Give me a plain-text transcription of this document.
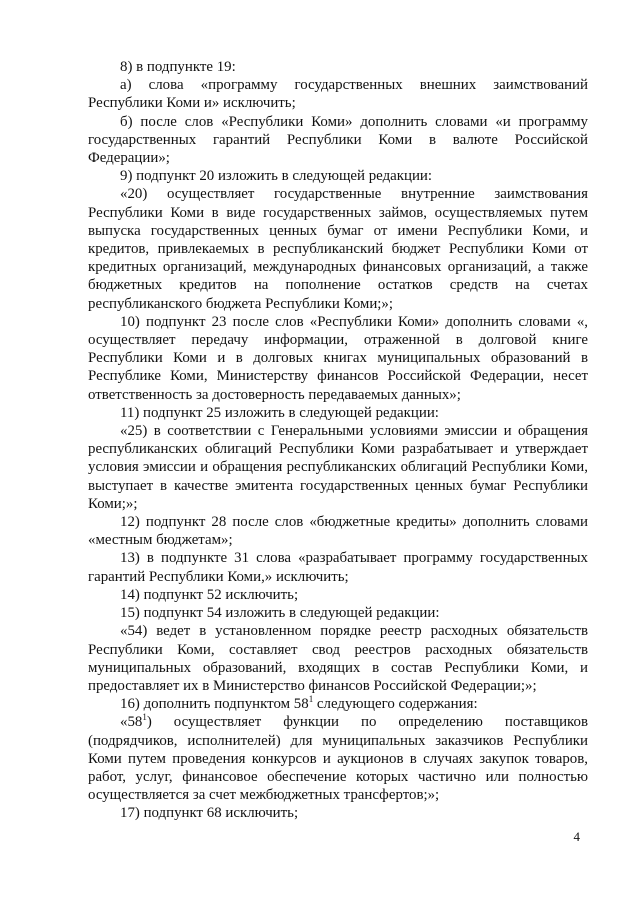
8) в подпункте 19:

а) слова «программу государственных внешних заимствований Республики Коми и» исключить;

б) после слов «Республики Коми» дополнить словами «и программу государственных гарантий Республики Коми в валюте Российской Федерации»;

9) подпункт 20 изложить в следующей редакции:

«20) осуществляет государственные внутренние заимствования Республики Коми в виде государственных займов, осуществляемых путем выпуска государственных ценных бумаг от имени Республики Коми, и кредитов, привлекаемых в республиканский бюджет Республики Коми от кредитных организаций, международных финансовых организаций, а также бюджетных кредитов на пополнение остатков средств на счетах республиканского бюджета Республики Коми;»;

10) подпункт 23 после слов «Республики Коми» дополнить словами «, осуществляет передачу информации, отраженной в долговой книге Республики Коми и в долговых книгах муниципальных образований в Республике Коми, Министерству финансов Российской Федерации, несет ответственность за достоверность передаваемых данных»;

11) подпункт 25 изложить в следующей редакции:

«25) в соответствии с Генеральными условиями эмиссии и обращения республиканских облигаций Республики Коми разрабатывает и утверждает условия эмиссии и обращения республиканских облигаций Республики Коми, выступает в качестве эмитента государственных ценных бумаг Республики Коми;»;

12) подпункт 28 после слов «бюджетные кредиты» дополнить словами «местным бюджетам»;

13) в подпункте 31 слова «разрабатывает программу государственных гарантий Республики Коми,» исключить;

14) подпункт 52 исключить;

15) подпункт 54 изложить в следующей редакции:

«54) ведет в установленном порядке реестр расходных обязательств Республики Коми, составляет свод реестров расходных обязательств муниципальных образований, входящих в состав Республики Коми, и предоставляет их в Министерство финансов Российской Федерации;»;

16) дополнить подпунктом $58^1$ следующего содержания:

«$58^1$) осуществляет функции по определению поставщиков (подрядчиков, исполнителей) для муниципальных заказчиков Республики Коми путем проведения конкурсов и аукционов в случаях закупок товаров, работ, услуг, финансовое обеспечение которых частично или полностью осуществляется за счет межбюджетных трансфертов;»;

17) подпункт 68 исключить;

4
